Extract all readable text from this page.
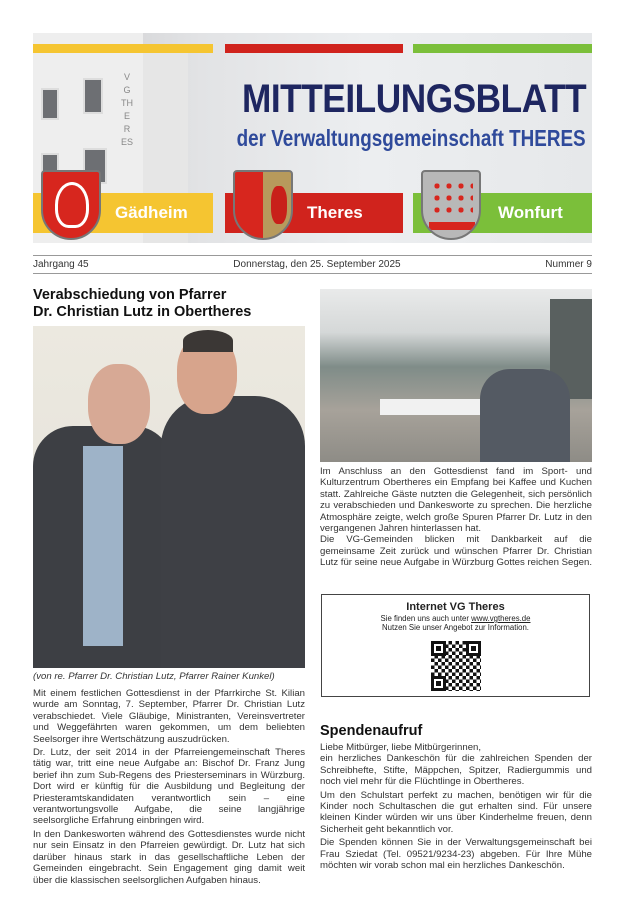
VG THERES
MITTEILUNGSBLATT
der Verwaltungsgemeinschaft THERES
Gädheim	Theres	Wonfurt
Jahrgang 45	Donnerstag, den 25. September 2025	Nummer 9
Verabschiedung von Pfarrer
Dr. Christian Lutz in Obertheres
(von re. Pfarrer Dr. Christian Lutz, Pfarrer Rainer Kunkel)

Mit einem festlichen Gottesdienst in der Pfarrkirche St. Kilian wurde am Sonntag, 7. September, Pfarrer Dr. Christian Lutz verabschiedet. Viele Gläubige, Ministranten, Vereinsvertreter und Weggefährten waren gekommen, um dem beliebten Seelsorger ihre Wertschätzung auszudrücken.

Dr. Lutz, der seit 2014 in der Pfarreiengemeinschaft Theres tätig war, tritt eine neue Aufgabe an: Bischof Dr. Franz Jung berief ihn zum Sub-Regens des Priesterseminars in Würzburg. Dort wird er künftig für die Ausbildung und Begleitung der Priesteramtskandidaten verantwortlich sein – eine verantwortungsvolle Aufgabe, die seine langjährige seelsorgliche Erfahrung einbringen wird.

In den Dankesworten während des Gottesdienstes wurde nicht nur sein Einsatz in den Pfarreien gewürdigt. Dr. Lutz hat sich darüber hinaus stark in das gesellschaftliche Leben der Gemeinden eingebracht. Sein Engagement ging damit weit über die klassischen seelsorglichen Aufgaben hinaus.

Im Anschluss an den Gottesdienst fand im Sport- und Kulturzentrum Obertheres ein Empfang bei Kaffee und Kuchen statt. Zahlreiche Gäste nutzten die Gelegenheit, sich persönlich zu verabschieden und Dankesworte zu sprechen. Die herzliche Atmosphäre zeigte, welch große Spuren Pfarrer Dr. Lutz in den vergangenen Jahren hinterlassen hat.

Die VG-Gemeinden blicken mit Dankbarkeit auf die gemeinsame Zeit zurück und wünschen Pfarrer Dr. Christian Lutz für seine neue Aufgabe in Würzburg Gottes reichen Segen.

Internet VG Theres
Sie finden uns auch unter www.vgtheres.de
Nutzen Sie unser Angebot zur Information.
Spendenaufruf

Liebe Mitbürger, liebe Mitbürgerinnen,

ein herzliches Dankeschön für die zahlreichen Spenden der Schreibhefte, Stifte, Mäppchen, Spitzer, Radiergummis und noch viel mehr für die Flüchtlinge in Obertheres.

Um den Schulstart perfekt zu machen, benötigen wir für die Kinder noch Schultaschen die gut erhalten sind. Für unsere kleinen Kinder würden wir uns über Kinderhelme freuen, denn Sicherheit geht bekanntlich vor.

Die Spenden können Sie in der Verwaltungsgemeinschaft bei Frau Sziedat (Tel. 09521/9234-23) abgeben. Für Ihre Mühe möchten wir vorab schon mal ein herzliches Dankeschön.
